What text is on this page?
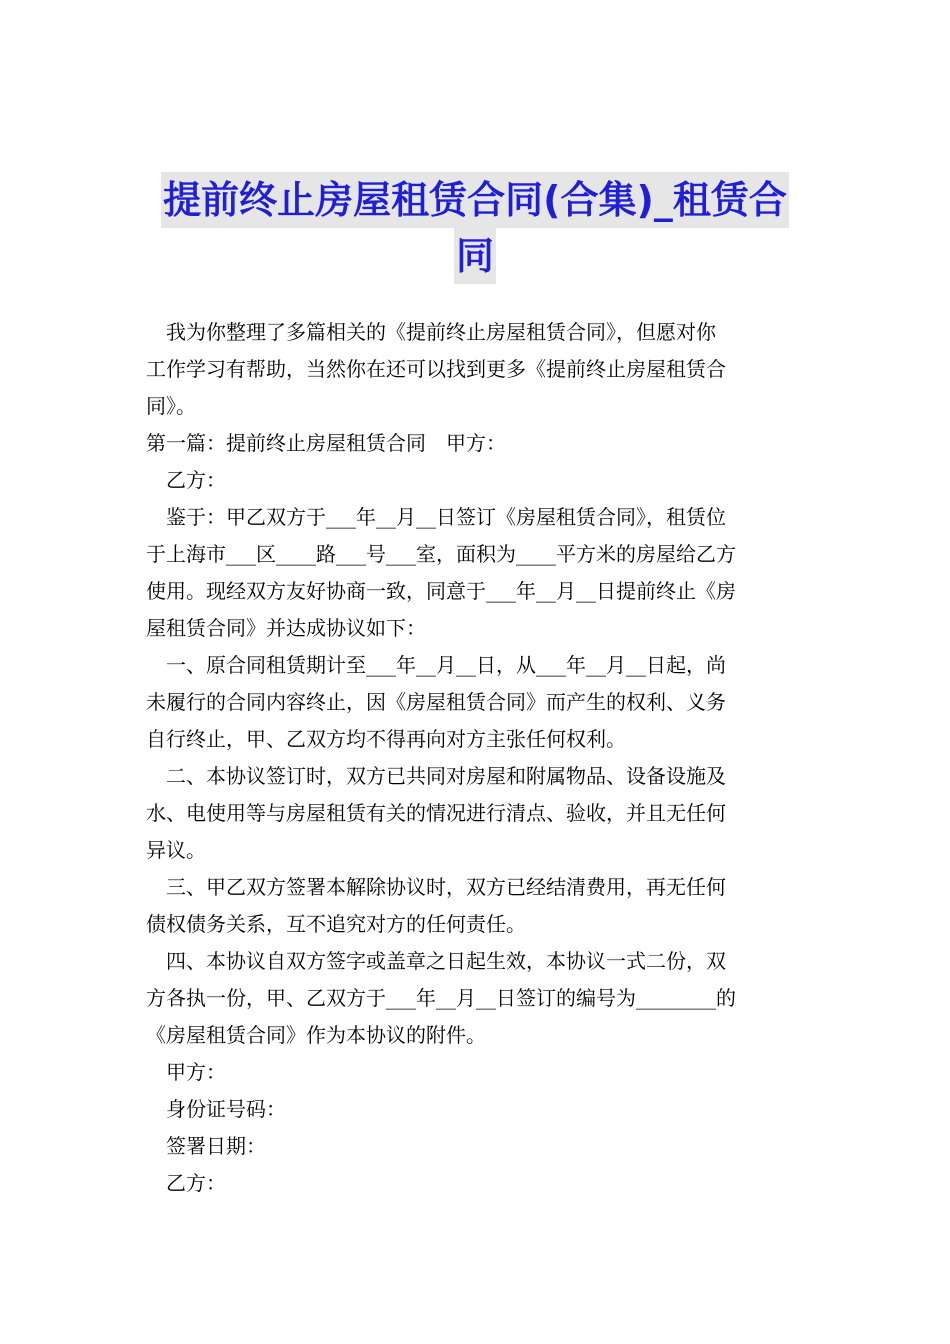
提前终止房屋租赁合同(合集)_租赁合
同
　我为你整理了多篇相关的《提前终止房屋租赁合同》，但愿对你
工作学习有帮助，当然你在还可以找到更多《提前终止房屋租赁合
同》。
第一篇：提前终止房屋租赁合同　甲方：
　乙方：
　鉴于：甲乙双方于___年__月__日签订《房屋租赁合同》，租赁位
于上海市___区____路___号___室，面积为____平方米的房屋给乙方
使用。现经双方友好协商一致，同意于___年__月__日提前终止《房
屋租赁合同》并达成协议如下：
　一、原合同租赁期计至___年__月__日，从___年__月__日起，尚
未履行的合同内容终止，因《房屋租赁合同》而产生的权利、义务
自行终止，甲、乙双方均不得再向对方主张任何权利。
　二、本协议签订时，双方已共同对房屋和附属物品、设备设施及
水、电使用等与房屋租赁有关的情况进行清点、验收，并且无任何
异议。
　三、甲乙双方签署本解除协议时，双方已经结清费用，再无任何
债权债务关系，互不追究对方的任何责任。
　四、本协议自双方签字或盖章之日起生效，本协议一式二份，双
方各执一份，甲、乙双方于___年__月__日签订的编号为________的
《房屋租赁合同》作为本协议的附件。
　甲方：
　身份证号码：
　签署日期：
　乙方：
